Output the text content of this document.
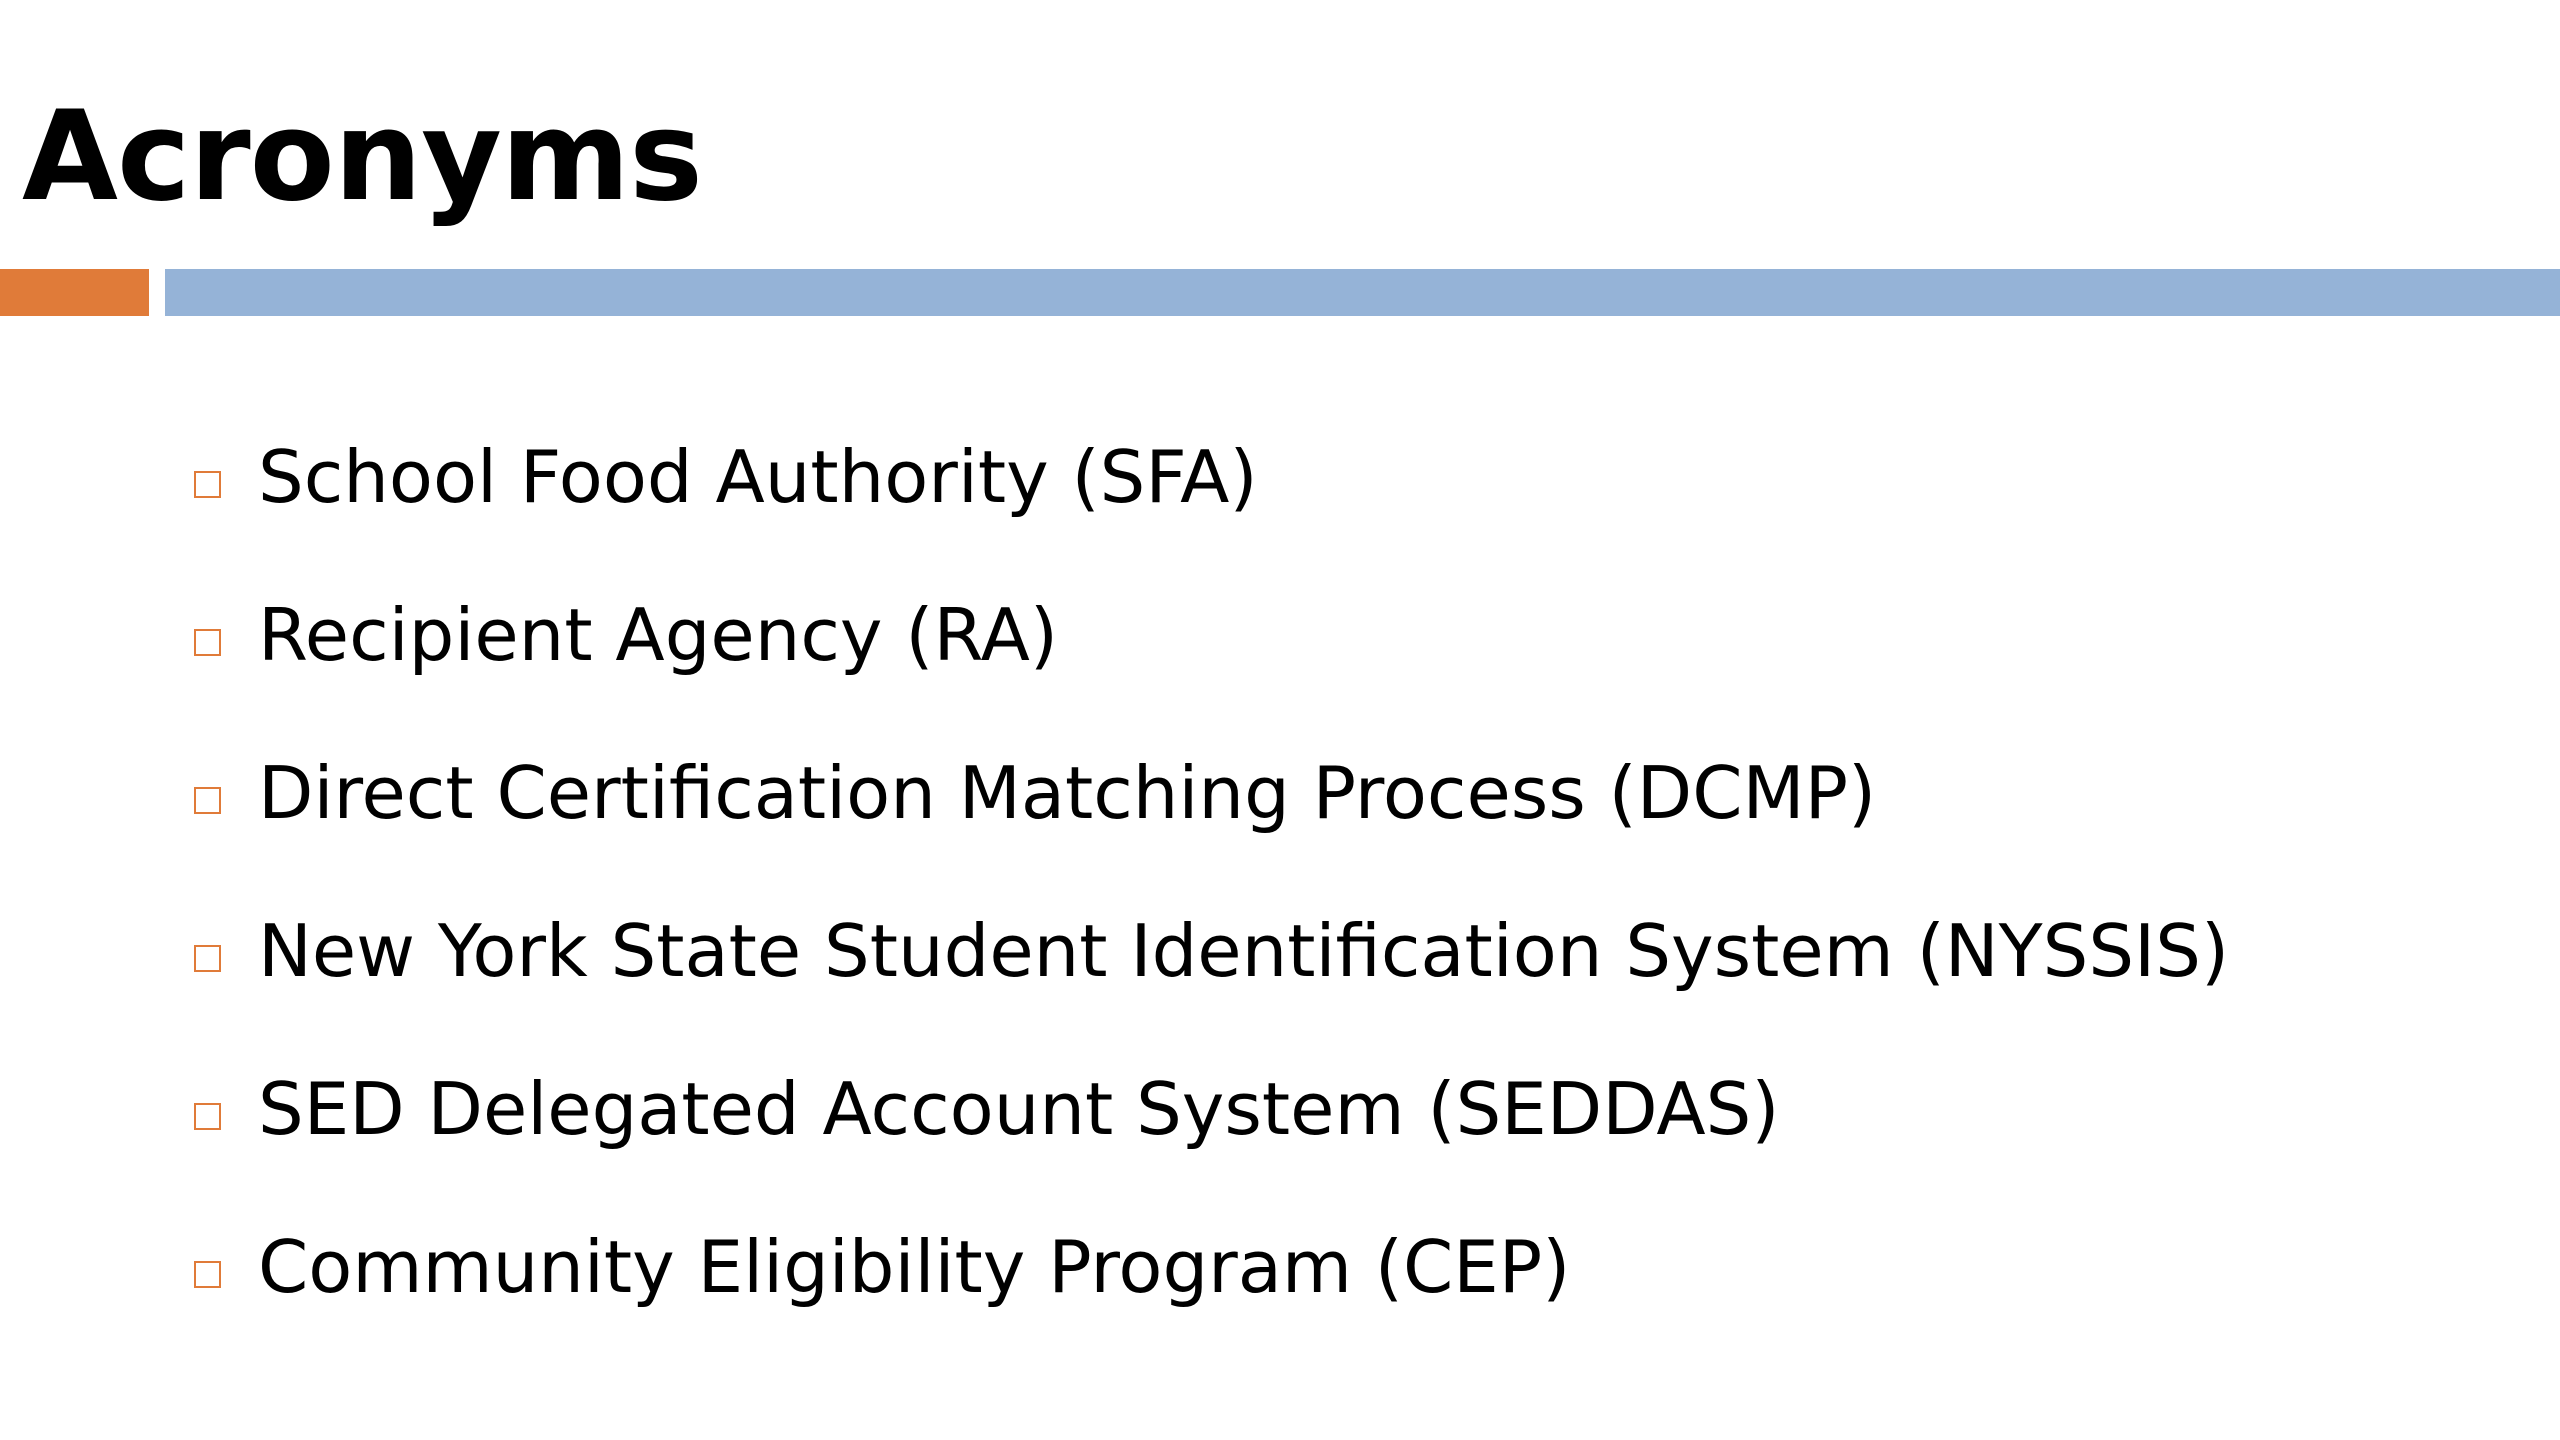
Acronyms
School Food Authority (SFA)
Recipient Agency (RA)
Direct Certification Matching Process (DCMP)
New York State Student Identification System (NYSSIS)
SED Delegated Account System (SEDDAS)
Community Eligibility Program (CEP)
